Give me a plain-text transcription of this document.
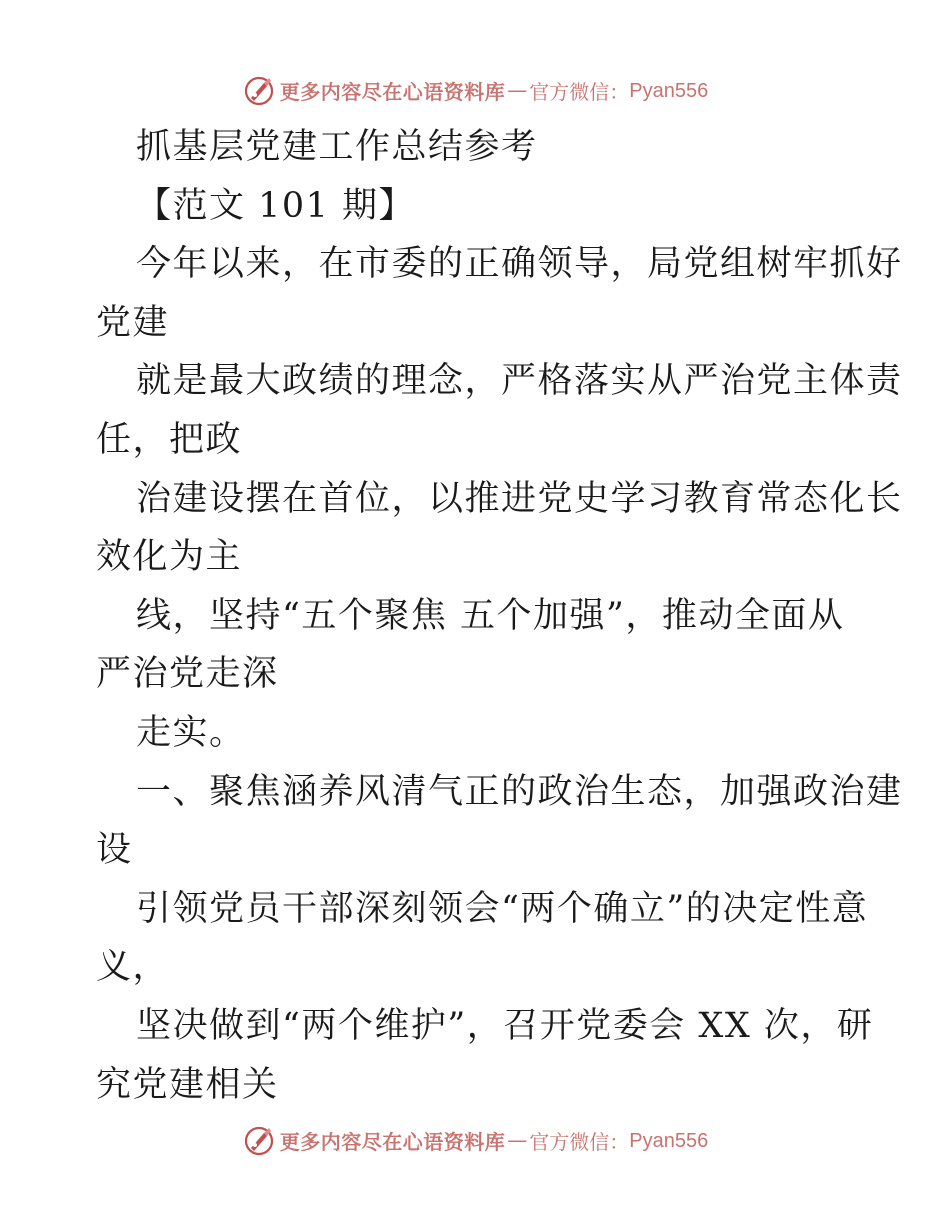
更多内容尽在心语资料库 — 官方微信： Pyan556
抓基层党建工作总结参考
【范文 101 期】
今年以来，在市委的正确领导，局党组树牢抓好
党建
就是最大政绩的理念，严格落实从严治党主体责
任，把政
治建设摆在首位，以推进党史学习教育常态化长
效化为主
线，坚持“五个聚焦 五个加强”，推动全面从
严治党走深
走实。
一、聚焦涵养风清气正的政治生态，加强政治建
设
引领党员干部深刻领会“两个确立”的决定性意
义，
坚决做到“两个维护”，召开党委会 XX 次，研
究党建相关
更多内容尽在心语资料库 — 官方微信： Pyan556
